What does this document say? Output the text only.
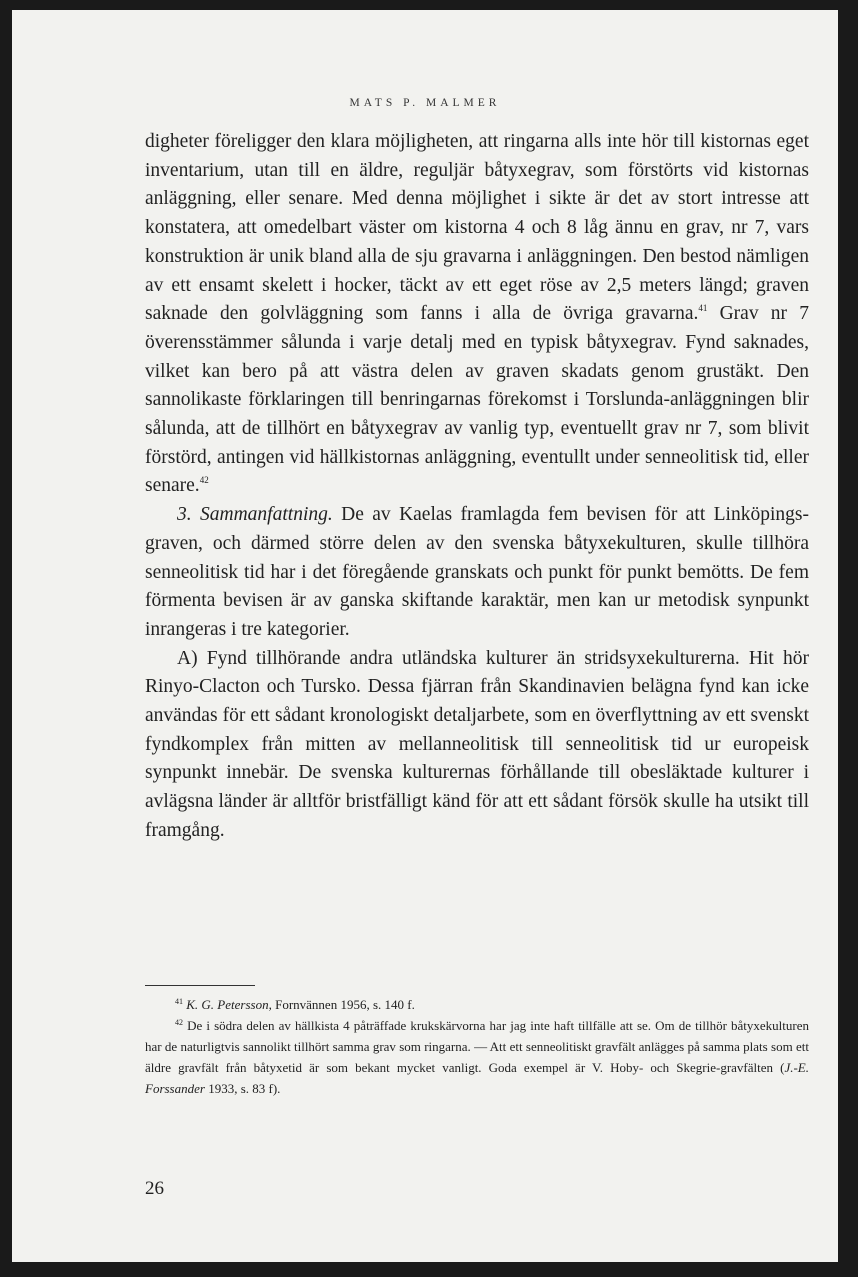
MATS P. MALMER

digheter föreligger den klara möjligheten, att ringarna alls inte hör till kistornas eget inventarium, utan till en äldre, reguljär båtyxegrav, som förstörts vid kistornas anläggning, eller senare. Med denna möjlighet i sikte är det av stort intresse att konstatera, att omedelbart väster om kistorna 4 och 8 låg ännu en grav, nr 7, vars konstruktion är unik bland alla de sju gravarna i anläggningen. Den bestod nämligen av ett ensamt skelett i hocker, täckt av ett eget röse av 2,5 meters längd; graven saknade den golvläggning som fanns i alla de övriga gravarna.$^{41}$ Grav nr 7 överensstämmer sålunda i varje detalj med en typisk båtyxegrav. Fynd saknades, vilket kan bero på att västra delen av graven skadats genom grustäkt. Den sannolikaste förklaringen till benringarnas förekomst i Torslunda-anläggningen blir sålunda, att de tillhört en båtyxegrav av vanlig typ, eventuellt grav nr 7, som blivit förstörd, antingen vid hällkistornas anläggning, eventullt under senneolitisk tid, eller senare.$^{42}$

3. Sammanfattning. De av Kaelas framlagda fem bevisen för att Linköpings-graven, och därmed större delen av den svenska båtyxekulturen, skulle tillhöra senneolitisk tid har i det föregående granskats och punkt för punkt bemötts. De fem förmenta bevisen är av ganska skiftande karaktär, men kan ur metodisk synpunkt inrangeras i tre kategorier.

A) Fynd tillhörande andra utländska kulturer än stridsyxekulturerna. Hit hör Rinyo-Clacton och Tursko. Dessa fjärran från Skandinavien belägna fynd kan icke användas för ett sådant kronologiskt detaljarbete, som en överflyttning av ett svenskt fyndkomplex från mitten av mellanneolitisk till senneolitisk tid ur europeisk synpunkt innebär. De svenska kulturernas förhållande till obesläktade kulturer i avlägsna länder är alltför bristfälligt känd för att ett sådant försök skulle ha utsikt till framgång.

$^{41}$ K. G. Petersson, Fornvännen 1956, s. 140 f.

$^{42}$ De i södra delen av hällkista 4 påträffade krukskärvorna har jag inte haft tillfälle att se. Om de tillhör båtyxekulturen har de naturligtvis sannolikt tillhört samma grav som ringarna. — Att ett senneolitiskt gravfält anlägges på samma plats som ett äldre gravfält från båtyxetid är som bekant mycket vanligt. Goda exempel är V. Hoby- och Skegrie-gravfälten (J.-E. Forssander 1933, s. 83 f).

26
